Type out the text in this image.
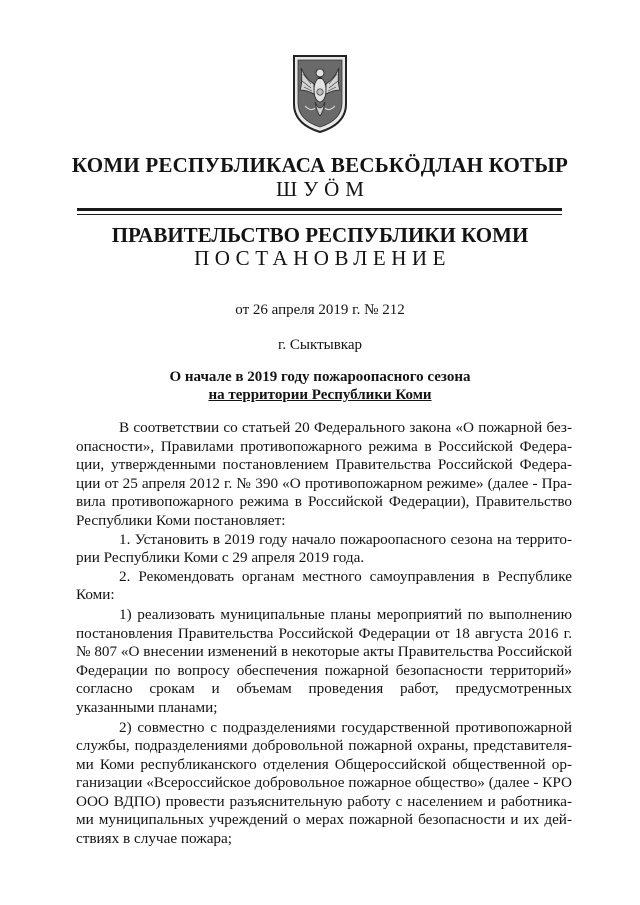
КОМИ РЕСПУБЛИКАСА ВЕСЬКÖДЛАН КОТЫР
ШУÖМ
ПРАВИТЕЛЬСТВО РЕСПУБЛИКИ КОМИ
ПОСТАНОВЛЕНИЕ
от 26 апреля 2019 г. № 212
г. Сыктывкар
О начале в 2019 году пожароопасного сезона
на территории Республики Коми

В соответствии со статьей 20 Федерального закона «О пожарной безопасности», Правилами противопожарного режима в Российской Федерации, утвержденными постановлением Правительства Российской Федерации от 25 апреля 2012 г. № 390 «О противопожарном режиме» (далее - Правила противопожарного режима в Российской Федерации), Правительство Республики Коми постановляет:

1. Установить в 2019 году начало пожароопасного сезона на территории Республики Коми с 29 апреля 2019 года.

2. Рекомендовать органам местного самоуправления в Республике Коми:

1) реализовать муниципальные планы мероприятий по выполнению постановления Правительства Российской Федерации от 18 августа 2016 г. № 807 «О внесении изменений в некоторые акты Правительства Российской Федерации по вопросу обеспечения пожарной безопасности территорий» согласно срокам и объемам проведения работ, предусмотренных указанными планами;

2) совместно с подразделениями государственной противопожарной службы, подразделениями добровольной пожарной охраны, представителями Коми республиканского отделения Общероссийской общественной организации «Всероссийское добровольное пожарное общество» (далее - КРО ООО ВДПО) провести разъяснительную работу с населением и работниками муниципальных учреждений о мерах пожарной безопасности и их действиях в случае пожара;
